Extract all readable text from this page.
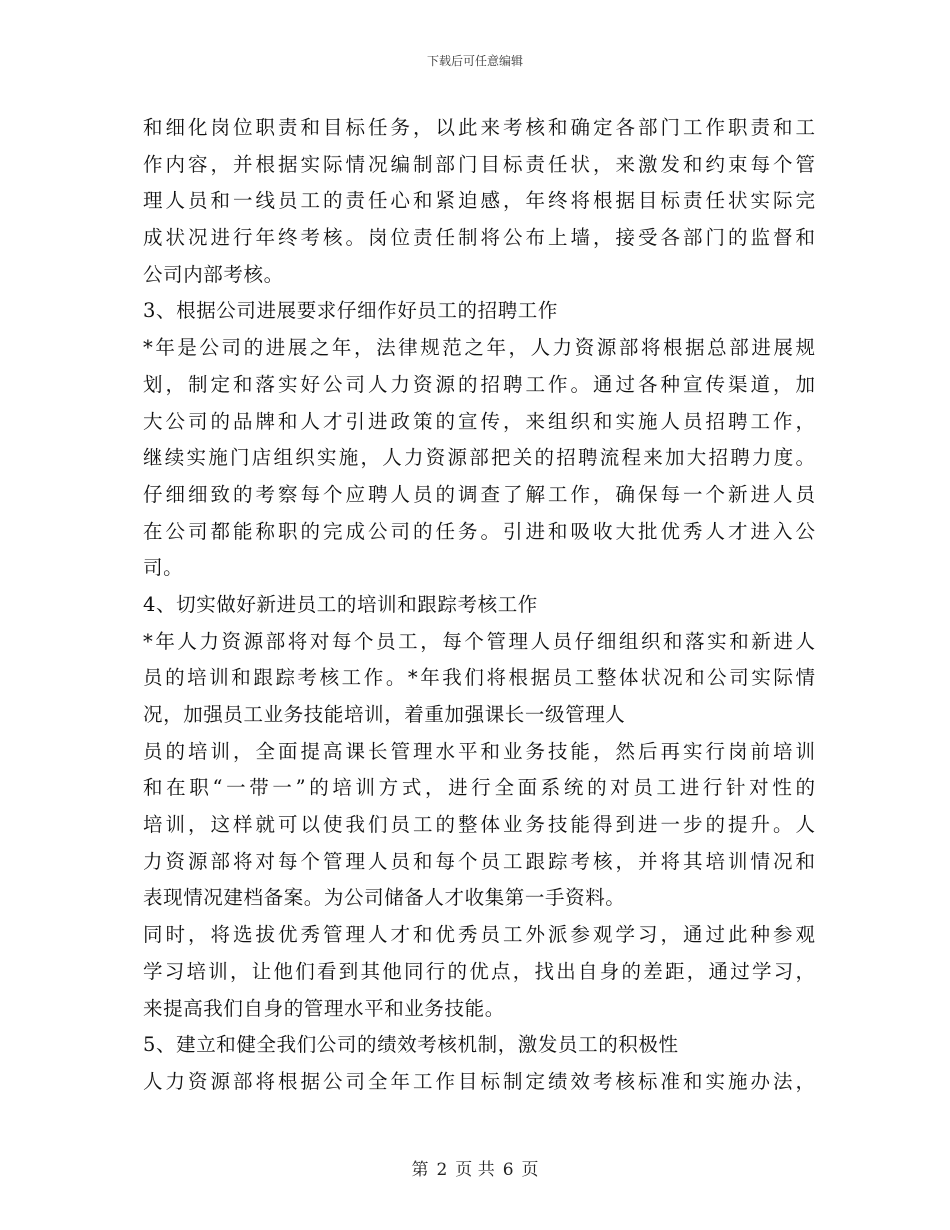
下载后可任意编辑
和细化岗位职责和目标任务，以此来考核和确定各部门工作职责和工
作内容，并根据实际情况编制部门目标责任状，来激发和约束每个管
理人员和一线员工的责任心和紧迫感，年终将根据目标责任状实际完
成状况进行年终考核。岗位责任制将公布上墙，接受各部门的监督和
公司内部考核。
3、根据公司进展要求仔细作好员工的招聘工作
*年是公司的进展之年，法律规范之年，人力资源部将根据总部进展规
划，制定和落实好公司人力资源的招聘工作。通过各种宣传渠道，加
大公司的品牌和人才引进政策的宣传，来组织和实施人员招聘工作，
继续实施门店组织实施，人力资源部把关的招聘流程来加大招聘力度。
仔细细致的考察每个应聘人员的调查了解工作，确保每一个新进人员
在公司都能称职的完成公司的任务。引进和吸收大批优秀人才进入公
司。
4、切实做好新进员工的培训和跟踪考核工作
*年人力资源部将对每个员工，每个管理人员仔细组织和落实和新进人
员的培训和跟踪考核工作。*年我们将根据员工整体状况和公司实际情
况，加强员工业务技能培训，着重加强课长一级管理人
员的培训，全面提高课长管理水平和业务技能，然后再实行岗前培训
和在职“一带一”的培训方式，进行全面系统的对员工进行针对性的
培训，这样就可以使我们员工的整体业务技能得到进一步的提升。人
力资源部将对每个管理人员和每个员工跟踪考核，并将其培训情况和
表现情况建档备案。为公司储备人才收集第一手资料。
同时，将选拔优秀管理人才和优秀员工外派参观学习，通过此种参观
学习培训，让他们看到其他同行的优点，找出自身的差距，通过学习，
来提高我们自身的管理水平和业务技能。
5、建立和健全我们公司的绩效考核机制，激发员工的积极性
人力资源部将根据公司全年工作目标制定绩效考核标准和实施办法，
第 2 页 共 6 页
